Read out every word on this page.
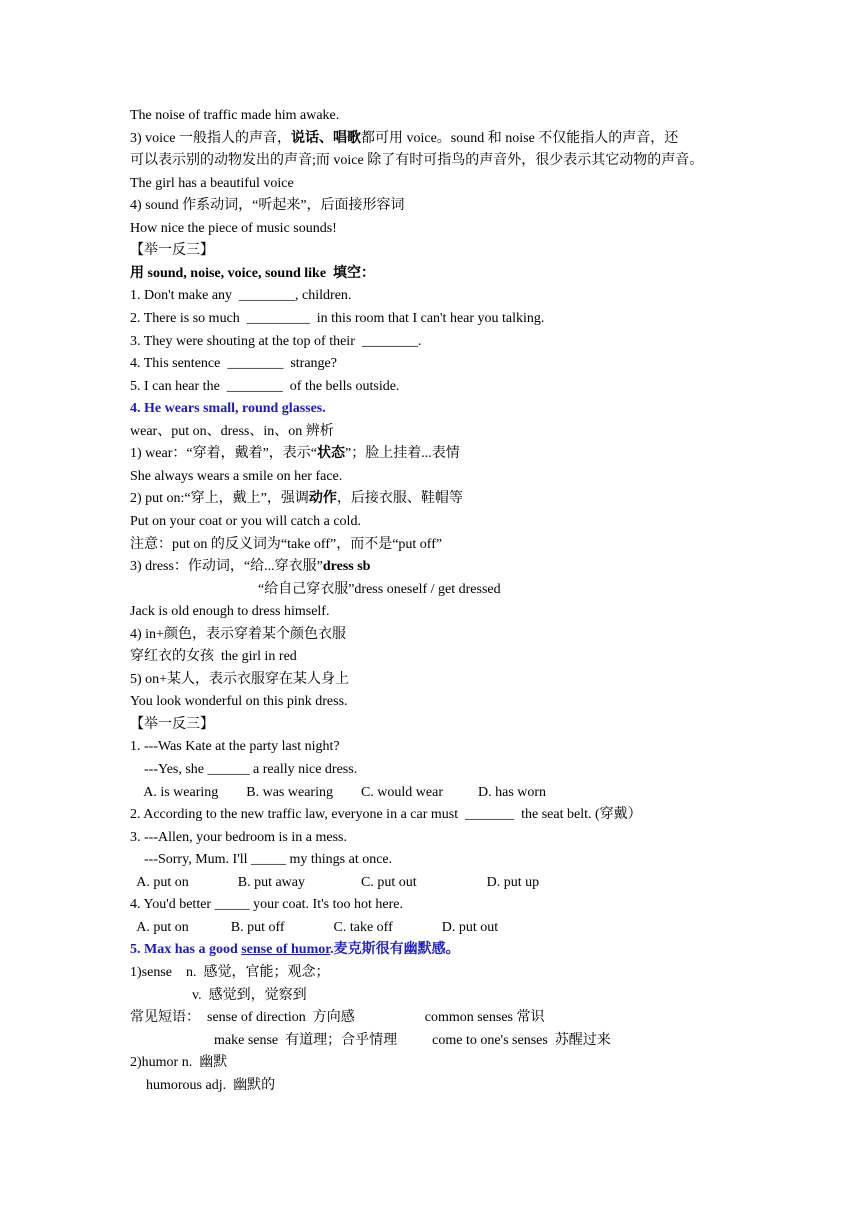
The noise of traffic made him awake.
3) voice 一般指人的声音，说话、唱歌都可用 voice。sound 和 noise 不仅能指人的声音，还
可以表示别的动物发出的声音;而 voice 除了有时可指鸟的声音外，很少表示其它动物的声音。
The girl has a beautiful voice
4) sound 作系动词，“听起来”，后面接形容词
How nice the piece of music sounds!
【举一反三】
用 sound, noise, voice, sound like  填空：
1. Don't make any  ________, children.
2. There is so much  _________  in this room that I can't hear you talking.
3. They were shouting at the top of their  ________.
4. This sentence  ________  strange?
5. I can hear the  ________  of the bells outside.
4. He wears small, round glasses.
wear、put on、dress、in、on 辨析
1) wear：“穿着，戴着”，表示“状态”；脸上挂着...表情
She always wears a smile on her face.
2) put on:“穿上，戴上”，强调动作，后接衣服、鞋帽等
Put on your coat or you will catch a cold.
注意：put on 的反义词为“take off”，而不是“put off”
3) dress：作动词，“给...穿衣服”dress sb
“给自己穿衣服”dress oneself / get dressed
Jack is old enough to dress himself.
4) in+颜色，表示穿着某个颜色衣服
穿红衣的女孩  the girl in red
5) on+某人，表示衣服穿在某人身上
You look wonderful on this pink dress.
【举一反三】
1. ---Was Kate at the party last night?
---Yes, she ______ a really nice dress.
A. is wearing        B. was wearing        C. would wear          D. has worn
2. According to the new traffic law, everyone in a car must  _______  the seat belt. (穿戴）
3. ---Allen, your bedroom is in a mess.
---Sorry, Mum. I'll _____ my things at once.
A. put on              B. put away                C. put out                    D. put up
4. You'd better _____ your coat. It's too hot here.
A. put on            B. put off              C. take off              D. put out
5. Max has a good sense of humor.麦克斯很有幽默感。
1)sense    n.  感觉，官能；观念；
v.  感觉到，觉察到
常见短语：  sense of direction  方向感                    common senses 常识
make sense  有道理；合乎情理          come to one's senses  苏醒过来
2)humor n.  幽默
humorous adj.  幽默的
